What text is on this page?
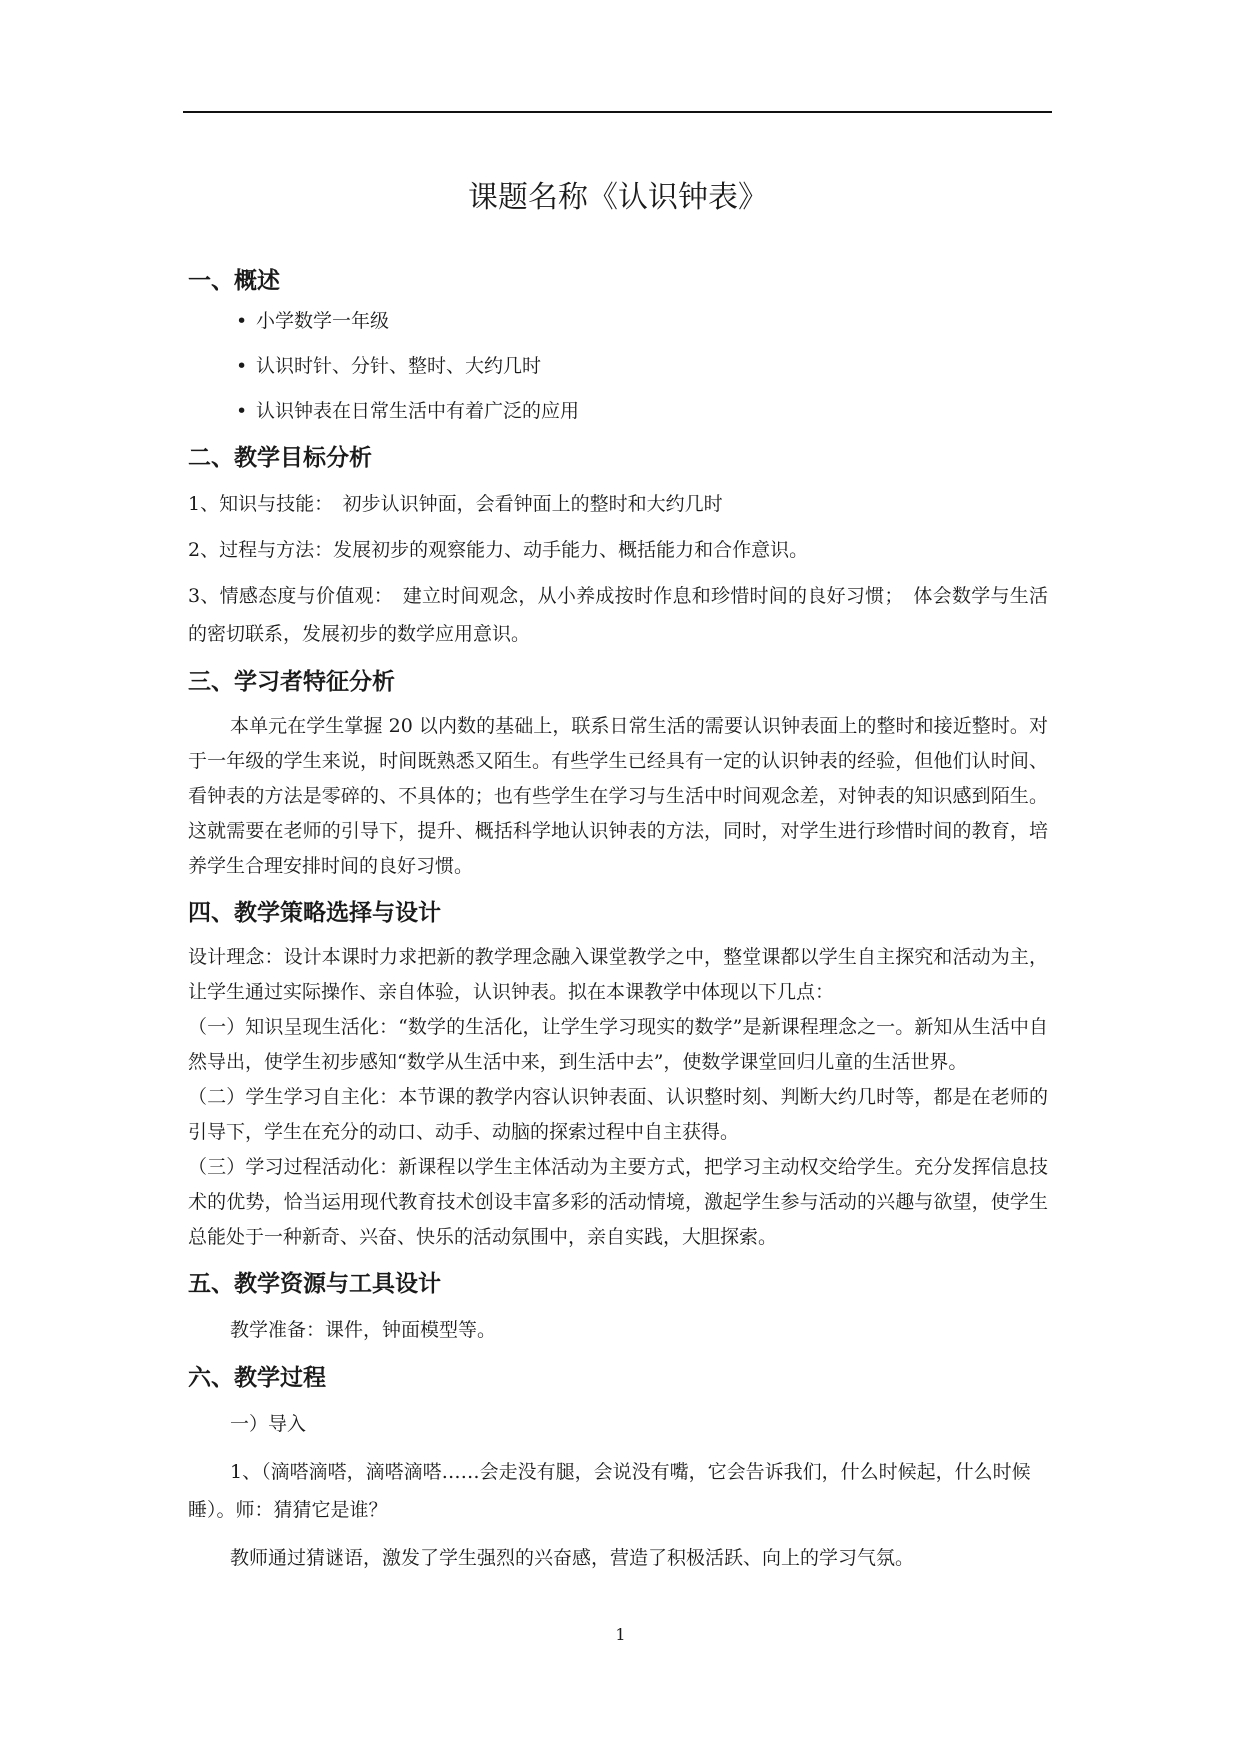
课题名称《认识钟表》
一、概述
• 小学数学一年级
• 认识时针、分针、整时、大约几时
• 认识钟表在日常生活中有着广泛的应用
二、教学目标分析

1、知识与技能：　初步认识钟面，会看钟面上的整时和大约几时

2、过程与方法：发展初步的观察能力、动手能力、概括能力和合作意识。

3、情感态度与价值观：　建立时间观念，从小养成按时作息和珍惜时间的良好习惯；　体会数学与生活的密切联系，发展初步的数学应用意识。

三、学习者特征分析

本单元在学生掌握 20 以内数的基础上，联系日常生活的需要认识钟表面上的整时和接近整时。对于一年级的学生来说，时间既熟悉又陌生。有些学生已经具有一定的认识钟表的经验，但他们认时间、看钟表的方法是零碎的、不具体的；也有些学生在学习与生活中时间观念差，对钟表的知识感到陌生。这就需要在老师的引导下，提升、概括科学地认识钟表的方法，同时，对学生进行珍惜时间的教育，培养学生合理安排时间的良好习惯。

四、教学策略选择与设计

设计理念：设计本课时力求把新的教学理念融入课堂教学之中，整堂课都以学生自主探究和活动为主，让学生通过实际操作、亲自体验，认识钟表。拟在本课教学中体现以下几点：

（一）知识呈现生活化：“数学的生活化，让学生学习现实的数学”是新课程理念之一。新知从生活中自然导出，使学生初步感知“数学从生活中来，到生活中去”，使数学课堂回归儿童的生活世界。

（二）学生学习自主化：本节课的教学内容认识钟表面、认识整时刻、判断大约几时等，都是在老师的引导下，学生在充分的动口、动手、动脑的探索过程中自主获得。

（三）学习过程活动化：新课程以学生主体活动为主要方式，把学习主动权交给学生。充分发挥信息技术的优势，恰当运用现代教育技术创设丰富多彩的活动情境，激起学生参与活动的兴趣与欲望，使学生总能处于一种新奇、兴奋、快乐的活动氛围中，亲自实践，大胆探索。

五、教学资源与工具设计

教学准备：课件，钟面模型等。

六、教学过程

一）导入

1、（滴嗒滴嗒，滴嗒滴嗒……会走没有腿，会说没有嘴，它会告诉我们，什么时候起，什么时候睡）。师：猜猜它是谁？

教师通过猜谜语，激发了学生强烈的兴奋感，营造了积极活跃、向上的学习气氛。

1
